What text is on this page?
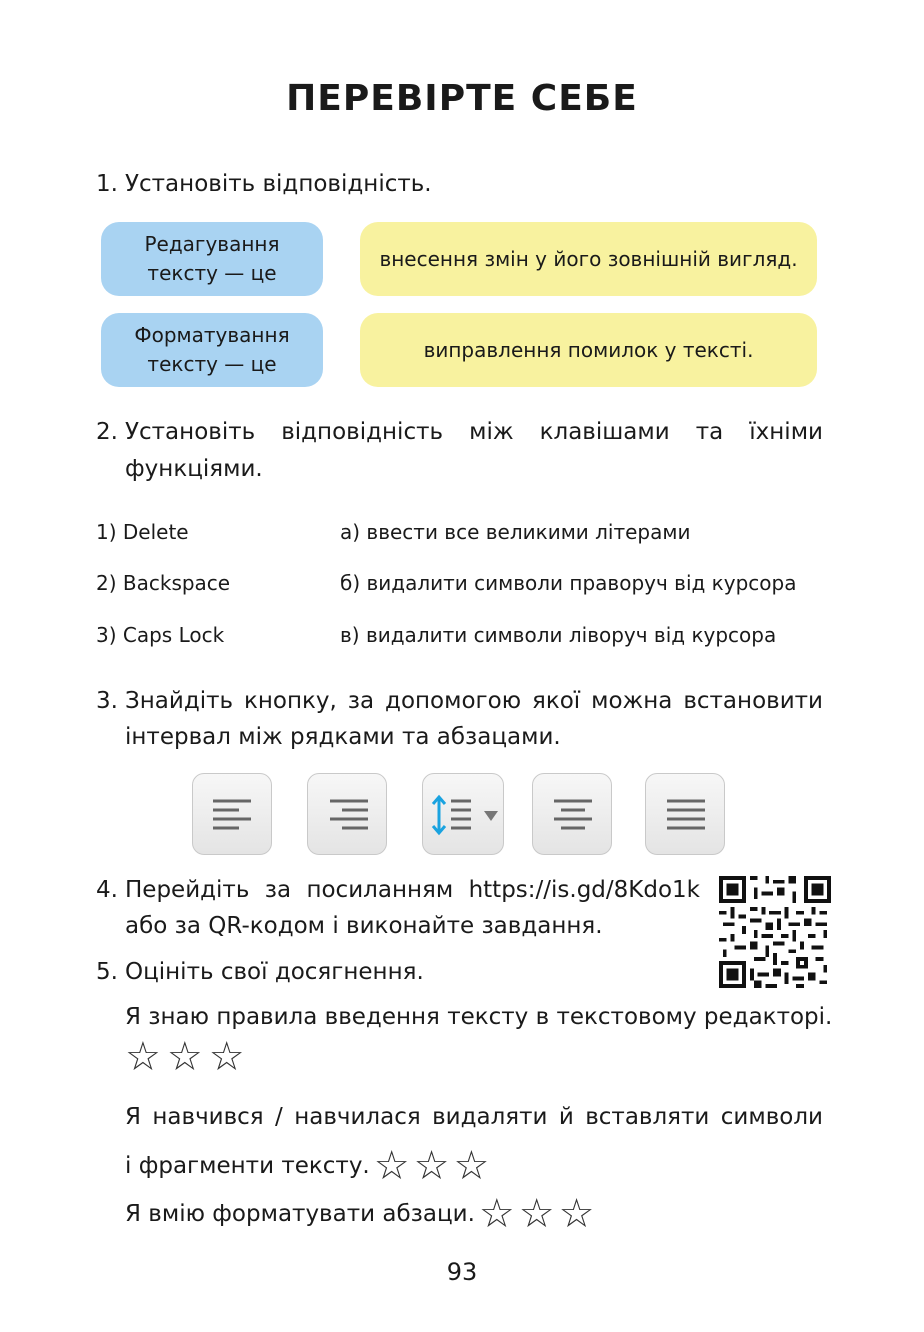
ПЕРЕВІРТЕ СЕБЕ
1. Установіть відповідність.
Редагування
тексту — це
Форматування
тексту — це
внесення змін у його зовнішній вигляд.
виправлення помилок у тексті.
2. Установіть відповідність між клавішами та їхніми
функціями.
1) Delete
2) Backspace
3) Caps Lock
а) ввести все великими літерами
б) видалити символи праворуч від курсора
в) видалити символи ліворуч від курсора
3. Знайдіть кнопку, за допомогою якої можна встановити
інтервал між рядками та абзацами.
4. Перейдіть за посиланням https://is.gd/8Kdo1k
або за QR-кодом і виконайте завдання.
5. Оцініть свої досягнення.
Я знаю правила введення тексту в текстовому редакторі.
☆ ☆ ☆
Я навчився / навчилася видаляти й вставляти символи
і фрагменти тексту. ☆ ☆ ☆
Я вмію форматувати абзаци. ☆ ☆ ☆
93
